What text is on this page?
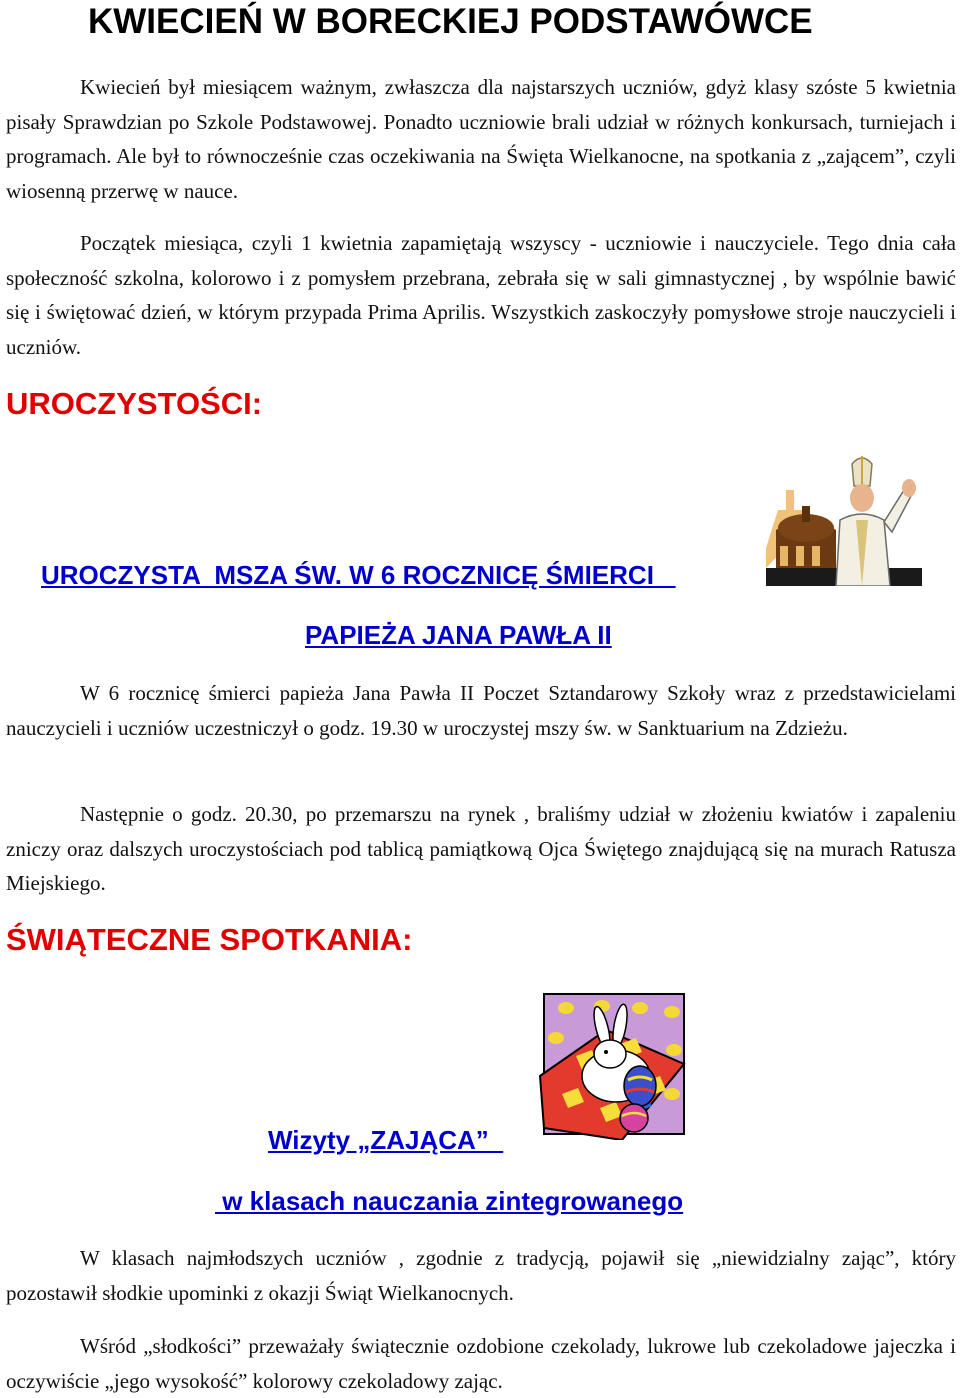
KWIECIEŃ W BORECKIEJ PODSTAWÓWCE

Kwiecień był miesiącem ważnym, zwłaszcza dla najstarszych uczniów, gdyż klasy szóste 5 kwietnia pisały Sprawdzian po Szkole Podstawowej. Ponadto uczniowie brali udział w różnych konkursach, turniejach i programach. Ale był to równocześnie czas oczekiwania na Święta Wielkanocne, na spotkania z „zającem”, czyli wiosenną przerwę w nauce.

Początek miesiąca, czyli 1 kwietnia zapamiętają wszyscy - uczniowie i nauczyciele. Tego dnia cała społeczność szkolna, kolorowo i z pomysłem przebrana, zebrała się w sali gimnastycznej , by wspólnie bawić się i świętować dzień, w którym przypada Prima Aprilis. Wszystkich zaskoczyły pomysłowe stroje nauczycieli i uczniów.

UROCZYSTOŚCI:
UROCZYSTA  MSZA ŚW. W 6 ROCZNICĘ ŚMIERCI
PAPIEŻA JANA PAWŁA II

W 6 rocznicę śmierci papieża Jana Pawła II Poczet Sztandarowy Szkoły wraz z przedstawicielami nauczycieli i uczniów uczestniczył o godz. 19.30 w uroczystej mszy św. w Sanktuarium na Zdzieżu.

Następnie o godz. 20.30, po przemarszu na rynek , braliśmy udział w złożeniu kwiatów i zapaleniu zniczy oraz dalszych uroczystościach pod tablicą pamiątkową Ojca Świętego znajdującą się na murach Ratusza Miejskiego.

ŚWIĄTECZNE SPOTKANIA:
Wizyty „ZAJĄCA”
w klasach nauczania zintegrowanego

W klasach najmłodszych uczniów , zgodnie z tradycją, pojawił się „niewidzialny zając”, który pozostawił słodkie upominki z okazji Świąt Wielkanocnych.

Wśród „słodkości” przeważały świątecznie ozdobione czekolady, lukrowe lub czekoladowe jajeczka i oczywiście „jego wysokość” kolorowy czekoladowy zając.
